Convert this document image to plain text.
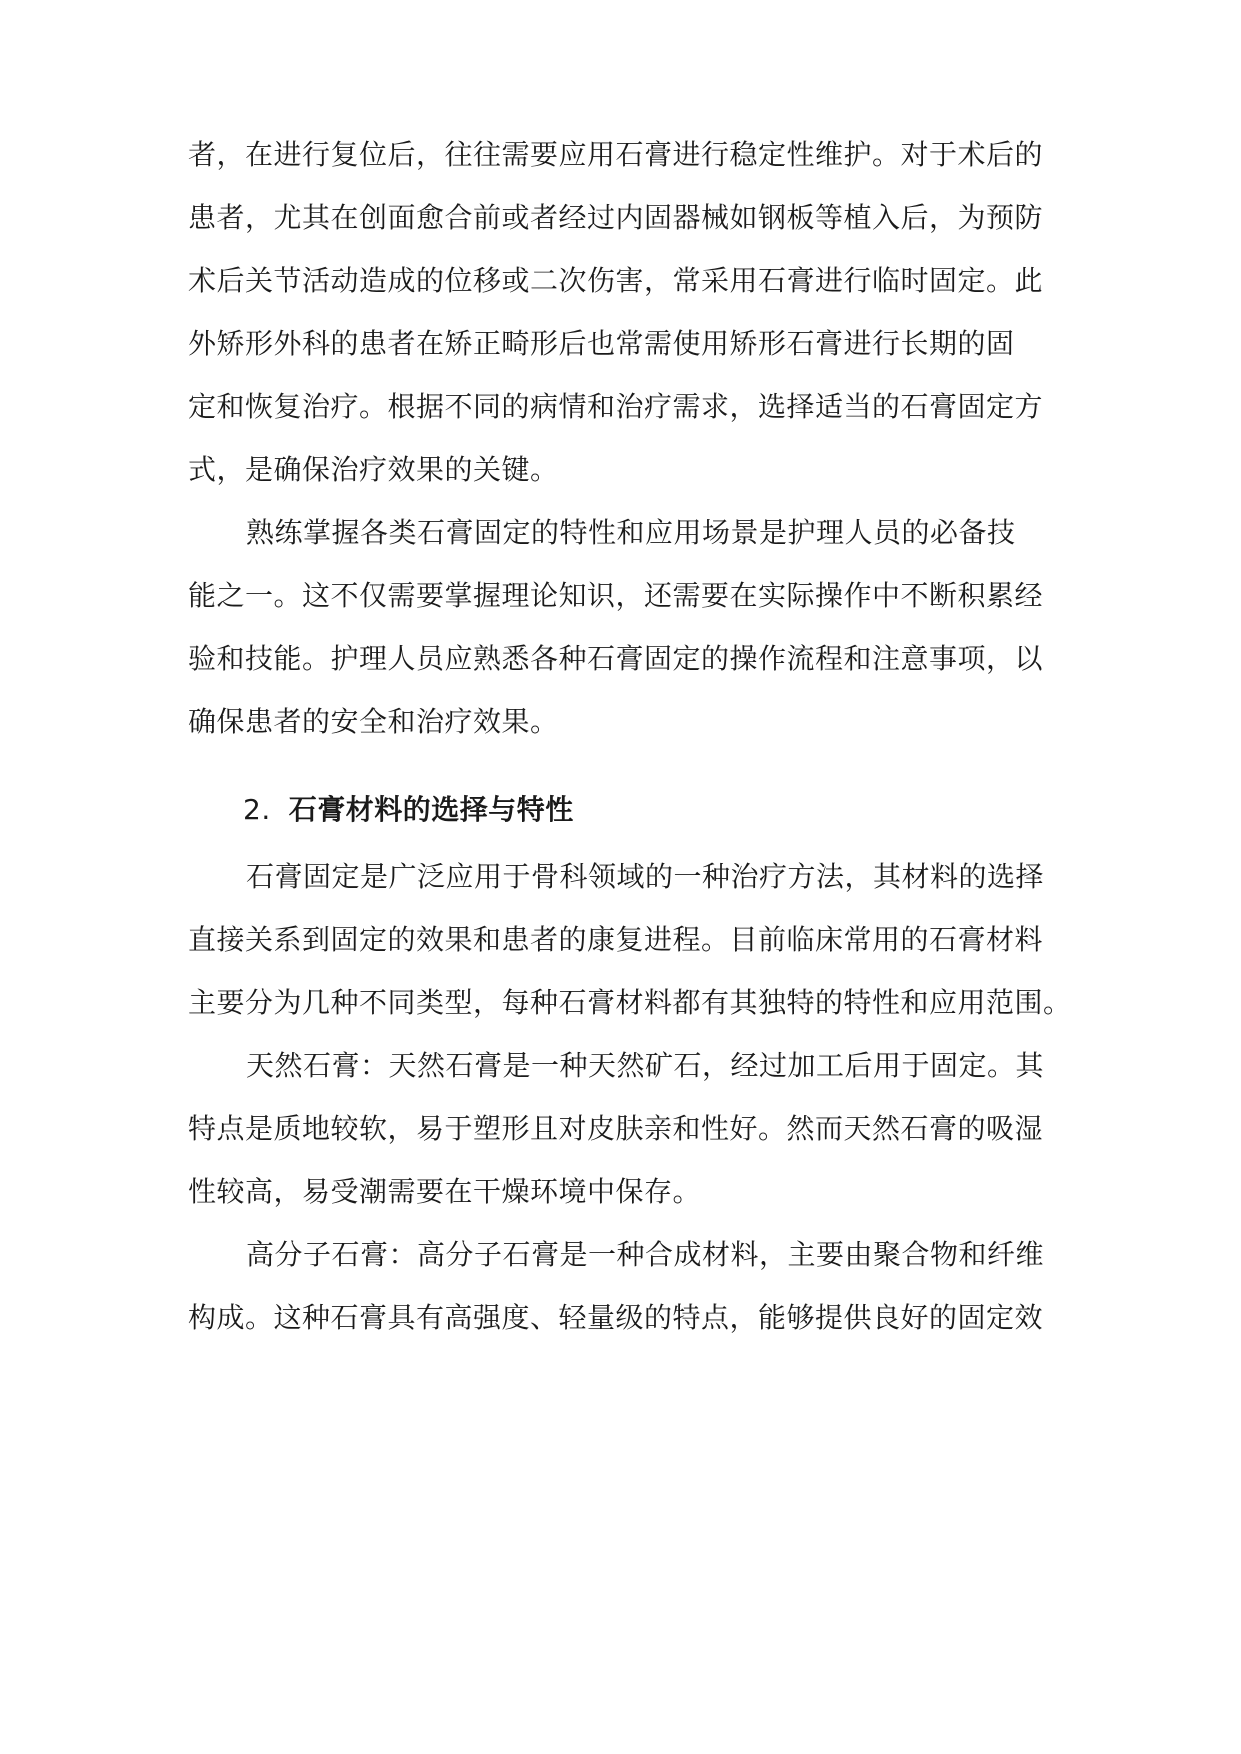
者，在进行复位后，往往需要应用石膏进行稳定性维护。对于术后的

患者，尤其在创面愈合前或者经过内固器械如钢板等植入后，为预防

术后关节活动造成的位移或二次伤害，常采用石膏进行临时固定。此

外矫形外科的患者在矫正畸形后也常需使用矫形石膏进行长期的固

定和恢复治疗。根据不同的病情和治疗需求，选择适当的石膏固定方

式，是确保治疗效果的关键。

熟练掌握各类石膏固定的特性和应用场景是护理人员的必备技

能之一。这不仅需要掌握理论知识，还需要在实际操作中不断积累经

验和技能。护理人员应熟悉各种石膏固定的操作流程和注意事项，以

确保患者的安全和治疗效果。

2. 石膏材料的选择与特性

石膏固定是广泛应用于骨科领域的一种治疗方法，其材料的选择

直接关系到固定的效果和患者的康复进程。目前临床常用的石膏材料

主要分为几种不同类型，每种石膏材料都有其独特的特性和应用范围。

天然石膏：天然石膏是一种天然矿石，经过加工后用于固定。其

特点是质地较软，易于塑形且对皮肤亲和性好。然而天然石膏的吸湿

性较高，易受潮需要在干燥环境中保存。

高分子石膏：高分子石膏是一种合成材料，主要由聚合物和纤维

构成。这种石膏具有高强度、轻量级的特点，能够提供良好的固定效
